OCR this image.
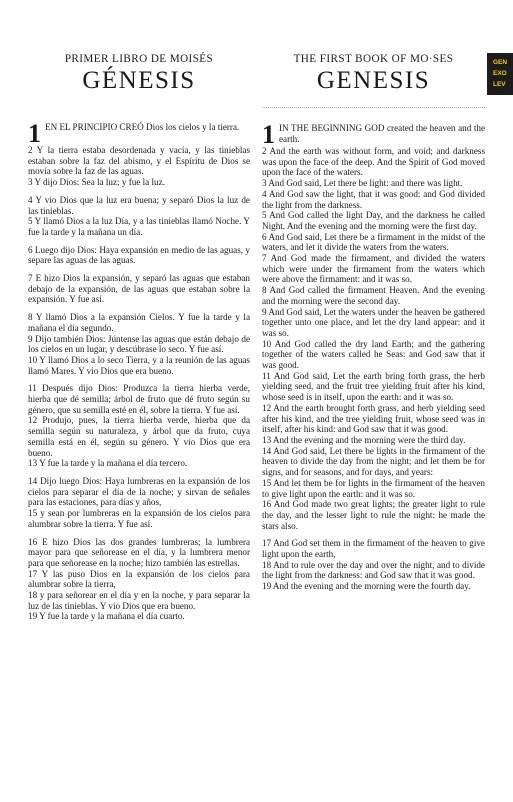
PRIMER LIBRO DE MOISÉS

GÉNESIS

1 EN EL PRINCIPIO CREÓ Dios los cielos y la tierra.

2 Y la tierra estaba desordenada y vacía, y las tinieblas estaban sobre la faz del abismo, y el Espíritu de Dios se movía sobre la faz de las aguas.

3 Y dijo Dios: Sea la luz; y fue la luz.

4 Y vio Dios que la luz era buena; y separó Dios la luz de las tinieblas.

5 Y llamó Dios a la luz Día, y a las tinieblas llamó Noche. Y fue la tarde y la mañana un día.

6 Luego dijo Dios: Haya expansión en medio de las aguas, y separe las aguas de las aguas.

7 E hizo Dios la expansión, y separó las aguas que estaban debajo de la expansión, de las aguas que estaban sobre la expansión. Y fue así.

8 Y llamó Dios a la expansión Cielos. Y fue la tarde y la mañana el día segundo.

9 Dijo también Dios: Júntense las aguas que están debajo de los cielos en un lugar, y descúbrase lo seco. Y fue así.

10 Y llamó Dios a lo seco Tierra, y a la reunión de las aguas llamó Mares. Y vio Dios que era bueno.

11 Después dijo Dios: Produzca la tierra hierba verde, hierba que dé semilla; árbol de fruto que dé fruto según su género, que su semilla esté en él, sobre la tierra. Y fue así.

12 Produjo, pues, la tierra hierba verde, hierba que da semilla según su naturaleza, y árbol que da fruto, cuya semilla está en él, según su género. Y vio Dios que era bueno.

13 Y fue la tarde y la mañana el día tercero.

14 Dijo luego Dios: Haya lumbreras en la expansión de los cielos para separar el día de la noche; y sirvan de señales para las estaciones, para días y años,

15 y sean por lumbreras en la expansión de los cielos para alumbrar sobre la tierra. Y fue así.

16 E hizo Dios las dos grandes lumbreras; la lumbrera mayor para que señorease en el día, y la lumbrera menor para que señorease en la noche; hizo también las estrellas.

17 Y las puso Dios en la expansión de los cielos para alumbrar sobre la tierra,

18 y para señorear en el día y en la noche, y para separar la luz de las tinieblas. Y vio Dios que era bueno.

19 Y fue la tarde y la mañana el día cuarto.

THE FIRST BOOK OF MO·SES

GENESIS

1 IN THE BEGINNING GOD created the heaven and the earth.

2 And the earth was without form, and void; and darkness was upon the face of the deep. And the Spirit of God moved upon the face of the waters.

3 And God said, Let there be light: and there was light.

4 And God saw the light, that it was good: and God divided the light from the darkness.

5 And God called the light Day, and the darkness he called Night. And the evening and the morning were the first day.

6 And God said, Let there be a firmament in the midst of the waters, and let it divide the waters from the waters.

7 And God made the firmament, and divided the waters which were under the firmament from the waters which were above the firmament: and it was so.

8 And God called the firmament Heaven. And the evening and the morning were the second day.

9 And God said, Let the waters under the heaven be gathered together unto one place, and let the dry land appear: and it was so.

10 And God called the dry land Earth; and the gathering together of the waters called he Seas: and God saw that it was good.

11 And God said, Let the earth bring forth grass, the herb yielding seed, and the fruit tree yielding fruit after his kind, whose seed is in itself, upon the earth: and it was so.

12 And the earth brought forth grass, and herb yielding seed after his kind, and the tree yielding fruit, whose seed was in itself, after his kind: and God saw that it was good.

13 And the evening and the morning were the third day.

14 And God said, Let there be lights in the firmament of the heaven to divide the day from the night; and let them be for signs, and for seasons, and for days, and years:

15 And let them be for lights in the firmament of the heaven to give light upon the earth: and it was so.

16 And God made two great lights; the greater light to rule the day, and the lesser light to rule the night: he made the stars also.

17 And God set them in the firmament of the heaven to give light upon the earth,

18 And to rule over the day and over the night, and to divide the light from the darkness: and God saw that it was good.

19 And the evening and the morning were the fourth day.

GEN
EXO
LEV
